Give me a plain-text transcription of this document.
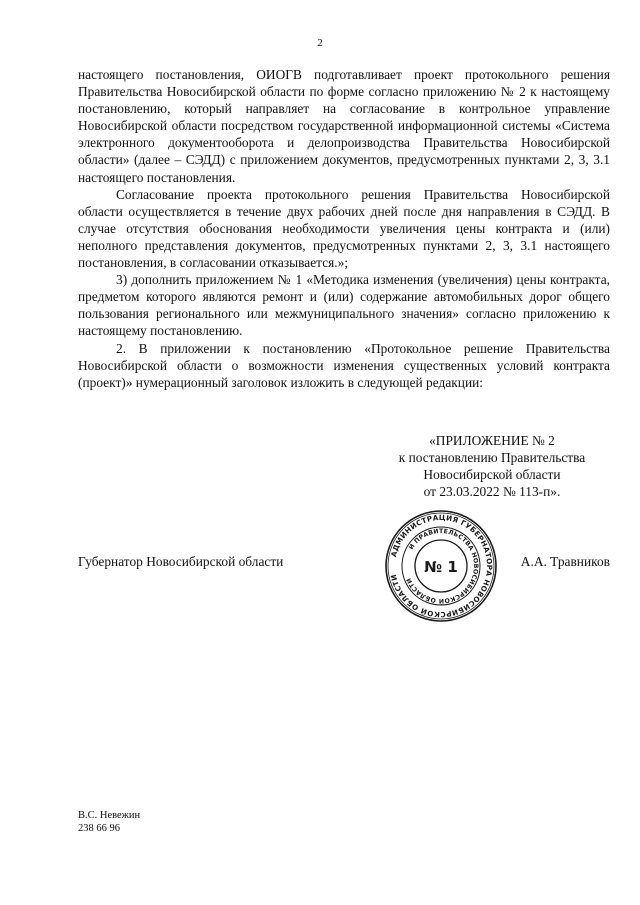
2

настоящего постановления, ОИОГВ подготавливает проект протокольного решения Правительства Новосибирской области по форме согласно приложению № 2 к настоящему постановлению, который направляет на согласование в контрольное управление Новосибирской области посредством государственной информационной системы «Система электронного документооборота и делопроизводства Правительства Новосибирской области» (далее – СЭДД) с приложением документов, предусмотренных пунктами 2, 3, 3.1 настоящего постановления.

Согласование проекта протокольного решения Правительства Новосибирской области осуществляется в течение двух рабочих дней после дня направления в СЭДД. В случае отсутствия обоснования необходимости увеличения цены контракта и (или) неполного представления документов, предусмотренных пунктами 2, 3, 3.1 настоящего постановления, в согласовании отказывается.»;

3) дополнить приложением № 1 «Методика изменения (увеличения) цены контракта, предметом которого являются ремонт и (или) содержание автомобильных дорог общего пользования регионального или межмуниципального значения» согласно приложению к настоящему постановлению.

2. В приложении к постановлению «Протокольное решение Правительства Новосибирской области о возможности изменения существенных условий контракта (проект)» нумерационный заголовок изложить в следующей редакции:

«ПРИЛОЖЕНИЕ № 2
к постановлению Правительства
Новосибирской области
от 23.03.2022 № 113-п».
Губернатор Новосибирской области	А.А. Травников
АДМИНИСТРАЦИЯ ГУБЕРНАТОРА НОВОСИБИРСКОЙ ОБЛАСТИ
И ПРАВИТЕЛЬСТВА НОВОСИБИРСКОЙ ОБЛАСТИ
№ 1
В.С. Невежин
238 66 96
